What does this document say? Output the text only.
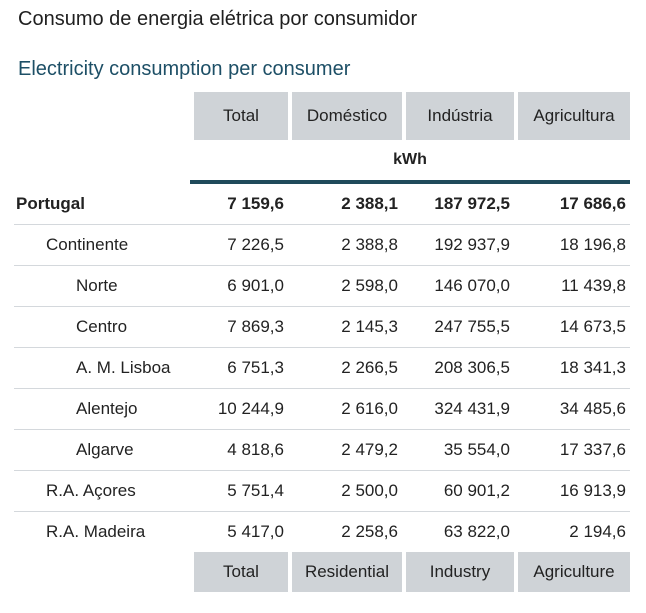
Consumo de energia elétrica por consumidor
Electricity consumption per consumer
	Total	Doméstico	Indústria	Agricultura
	kWh			

Portugal	7 159,6	2 388,1	187 972,5	17 686,6
Continente	7 226,5	2 388,8	192 937,9	18 196,8
Norte	6 901,0	2 598,0	146 070,0	11 439,8
Centro	7 869,3	2 145,3	247 755,5	14 673,5
A. M. Lisboa	6 751,3	2 266,5	208 306,5	18 341,3
Alentejo	10 244,9	2 616,0	324 431,9	34 485,6
Algarve	4 818,6	2 479,2	35 554,0	17 337,6
R.A. Açores	5 751,4	2 500,0	60 901,2	16 913,9
R.A. Madeira	5 417,0	2 258,6	63 822,0	2 194,6
	Total	Residential	Industry	Agriculture
